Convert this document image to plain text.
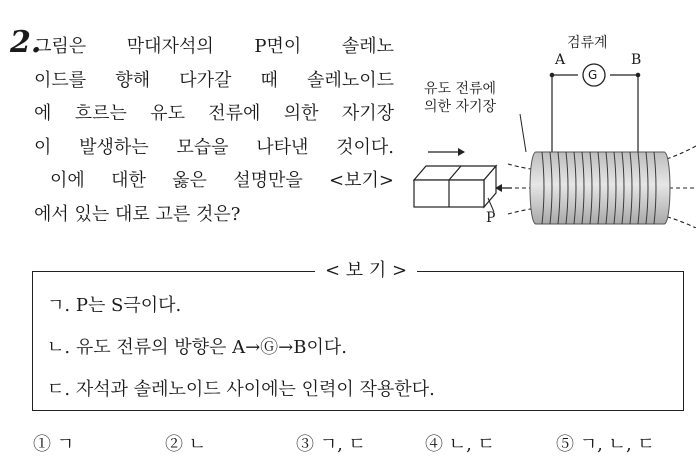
2.
그림은 막대자석의 P면이 솔레노
이드를 향해 다가갈 때 솔레노이드
에 흐르는 유도 전류에 의한 자기장
이 발생하는 모습을 나타낸 것이다.
이에 대한 옳은 설명만을 <보기>
에서 있는 대로 고른 것은?
검류계
G
A	B
유도 전류에
의한 자기장
P
< 보 기 >
ㄱ. P는 S극이다.
ㄴ. 유도 전류의 방향은 A→Ⓖ→B이다.
ㄷ. 자석과 솔레노이드 사이에는 인력이 작용한다.
① ㄱ	② ㄴ	③ ㄱ, ㄷ	④ ㄴ, ㄷ	⑤ ㄱ, ㄴ, ㄷ
